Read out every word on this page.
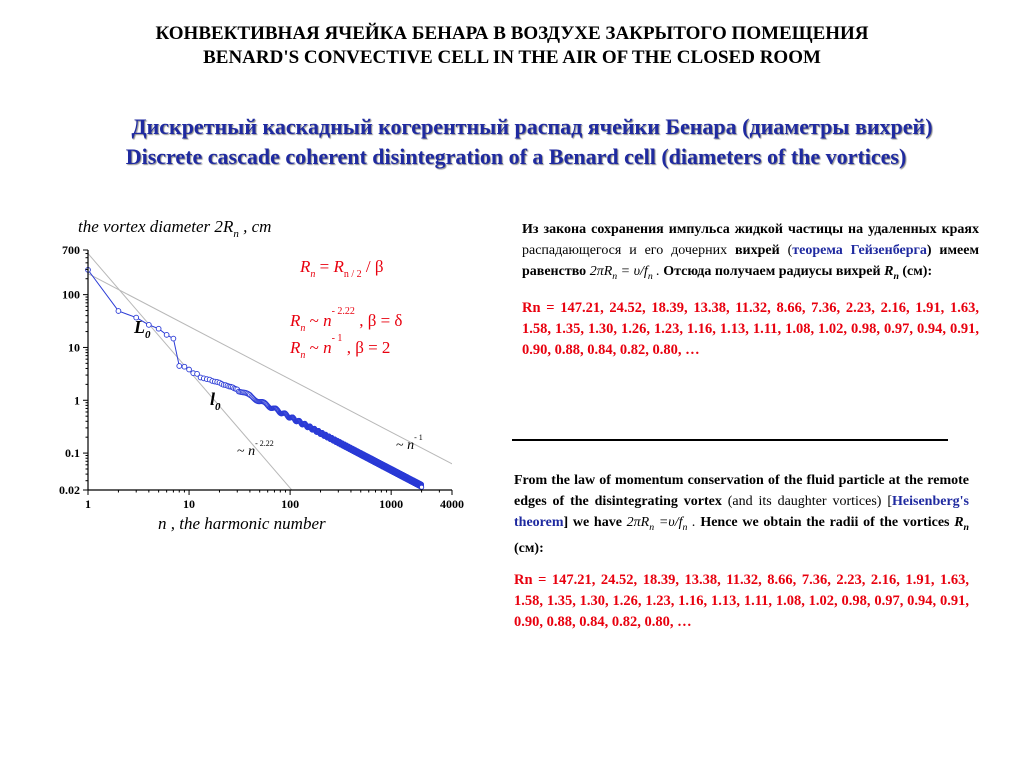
КОНВЕКТИВНАЯ ЯЧЕЙКА БЕНАРА В ВОЗДУХЕ ЗАКРЫТОГО ПОМЕЩЕНИЯ
BENARD'S CONVECTIVE CELL IN THE AIR OF THE CLOSED ROOM
Дискретный каскадный когерентный распад ячейки Бенара (диаметры вихрей)
Discrete cascade coherent disintegration of a Benard cell (diameters of the vortices)
700
100
10
1
0.1
0.02
1	10	100	1000	4000
the vortex diameter $2R_n$ , cm
n , the harmonic number
$R_n = R_{n / 2} / \beta$
$R_n$ ~ $n^{- 2.22}$ , β = δ
$R_n$ ~ $n^{- 1}$ , β = 2
$L_0$
$l_0$
~ $n^{- 2.22}$	~ $n^{- 1}$
Из закона сохранения импульса жидкой частицы на удаленных краях распадающегося и его дочерних вихрей (теорема Гейзенберга) имеем равенство $2\pi R_n = \upsilon/f_n$ . Отсюда получаем радиусы вихрей $R_n$ (см):
Rn = 147.21, 24.52, 18.39, 13.38, 11.32, 8.66, 7.36, 2.23, 2.16, 1.91, 1.63, 1.58, 1.35, 1.30, 1.26, 1.23, 1.16, 1.13, 1.11, 1.08, 1.02, 0.98, 0.97, 0.94, 0.91, 0.90, 0.88, 0.84, 0.82, 0.80, …
From the law of momentum conservation of the fluid particle at the remote edges of the disintegrating vortex (and its daughter vortices) [Heisenberg's theorem] we have $2\pi R_n =\upsilon/f_n$ . Hence we obtain the radii of the vortices $R_n$ (см):
Rn = 147.21, 24.52, 18.39, 13.38, 11.32, 8.66, 7.36, 2.23, 2.16, 1.91, 1.63, 1.58, 1.35, 1.30, 1.26, 1.23, 1.16, 1.13, 1.11, 1.08, 1.02, 0.98, 0.97, 0.94, 0.91, 0.90, 0.88, 0.84, 0.82, 0.80, …
